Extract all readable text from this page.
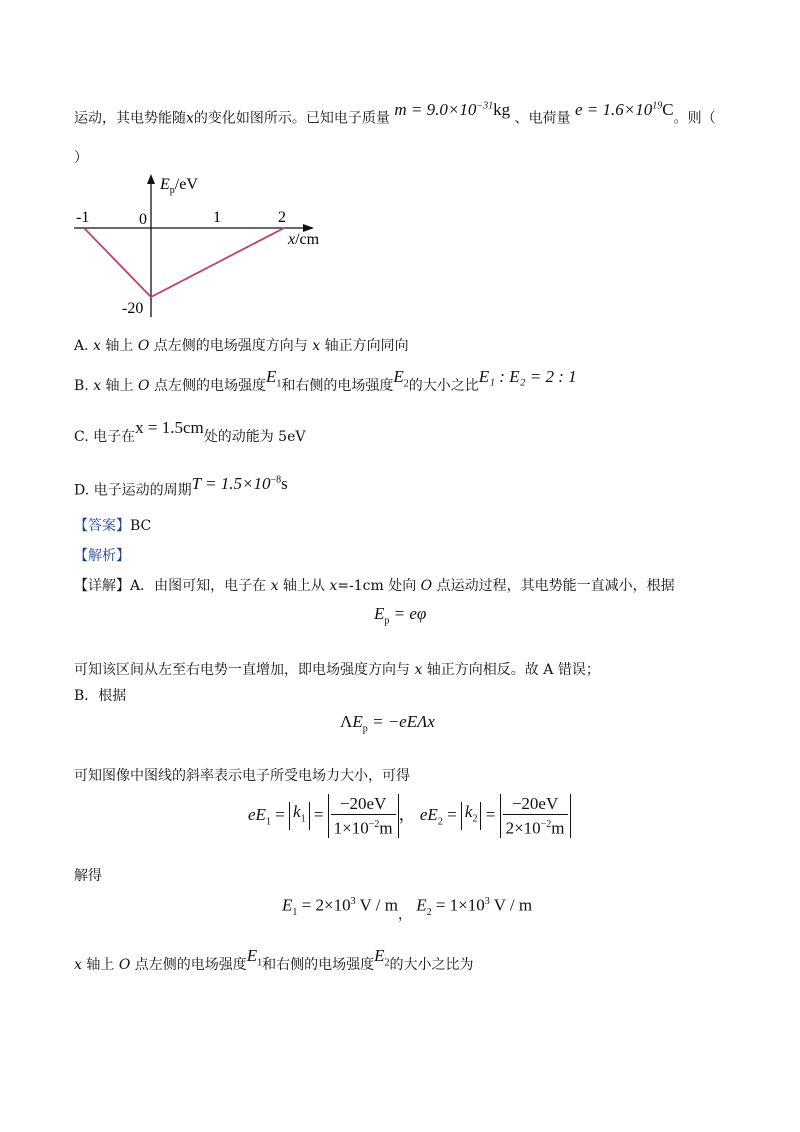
运动，其电势能随x的变化如图所示。已知电子质量 $m = 9.0\times 10^{-31}kg$ 、电荷量 $e = 1.6\times 10^{19}C$。则（
）
$E_p/eV$
-1	0	1	2
x/cm
-20
A. x 轴上 O 点左侧的电场强度方向与 x 轴正方向同向
B. x 轴上 O 点左侧的电场强度$E_1$和右侧的电场强度$E_2$的大小之比E₁ : E₂ = 2 : 1
C. 电子在x = 1.5cm处的动能为 5eV
D. 电子运动的周期$T = 1.5\times 10^{-8}s$
【答案】BC
【解析】
【详解】A．由图可知，电子在 x 轴上从 x=-1cm 处向 O 点运动过程，其电势能一直减小，根据
$E_p = e\varphi$
可知该区间从左至右电势一直增加，即电场强度方向与 x 轴正方向相反。故 A 错误；
B．根据
$\Lambda E_p = -eE\Lambda x$
可知图像中图线的斜率表示电子所受电场力大小，可得
$eE_1 = k_1 = \frac{-20eV}{1\times 10^{-2}m}$ ， $eE_2 = k_2 = \frac{-20eV}{2\times 10^{-2}m}$
解得
$E_1 = 2\times 10^3$ V / $m_,$ $E_2 = 1\times 10^3$ V / m
x 轴上 O 点左侧的电场强度$E_1$和右侧的电场强度$E_2$的大小之比为
